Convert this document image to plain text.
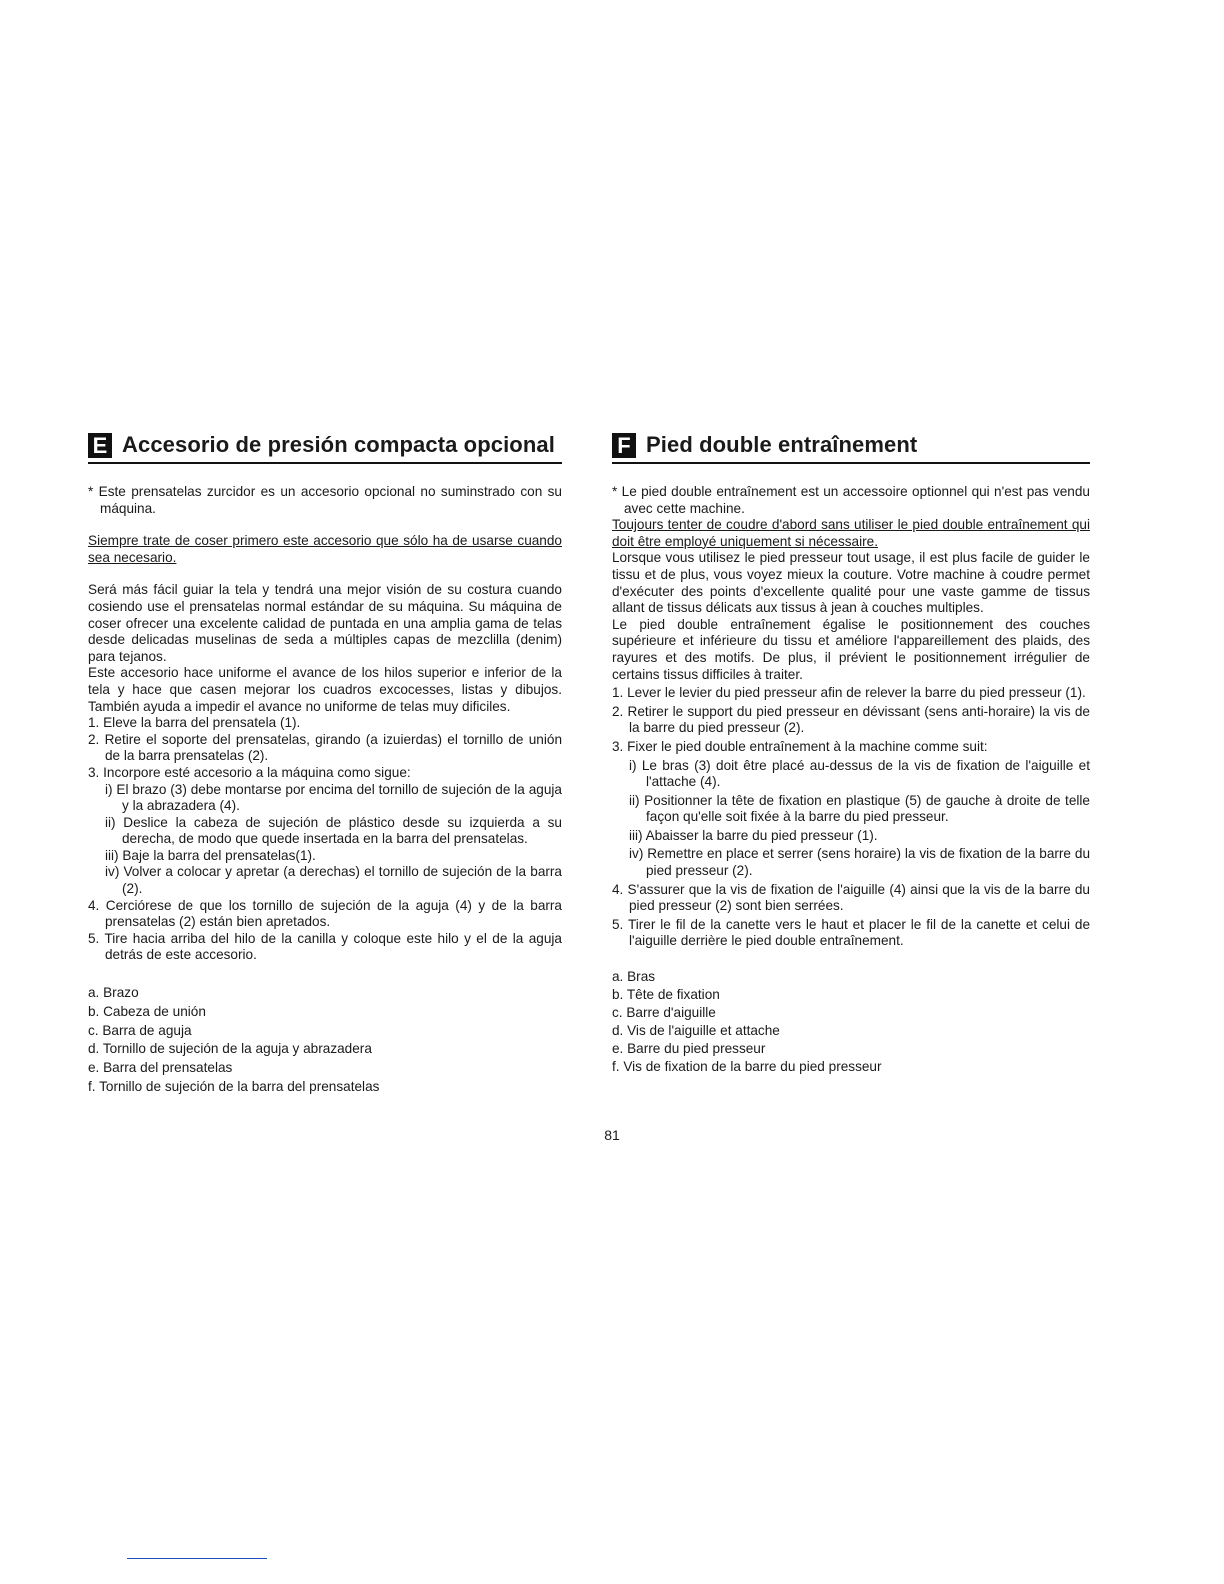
E Accesorio de presión compacta opcional

* Este prensatelas zurcidor es un accesorio opcional no suminstrado con su máquina.

Siempre trate de coser primero este accesorio que sólo ha de usarse cuando sea necesario.

Será más fácil guiar la tela y tendrá una mejor visión de su costura cuando cosiendo use el prensatelas normal estándar de su máquina. Su máquina de coser ofrecer una excelente calidad de puntada en una amplia gama de telas desde delicadas muselinas de seda a múltiples capas de mezclilla (denim) para tejanos.

Este accesorio hace uniforme el avance de los hilos superior e inferior de la tela y hace que casen mejorar los cuadros excocesses, listas y dibujos. También ayuda a impedir el avance no uniforme de telas muy dificiles.

1. Eleve la barra del prensatela (1).

2. Retire el soporte del prensatelas, girando (a izuierdas) el tornillo de unión de la barra prensatelas (2).

3. Incorpore esté accesorio a la máquina como sigue:

i) El brazo (3) debe montarse por encima del tornillo de sujeción de la aguja y la abrazadera (4).

ii) Deslice la cabeza de sujeción de plástico desde su izquierda a su derecha, de modo que quede insertada en la barra del prensatelas.

iii) Baje la barra del prensatelas(1).

iv) Volver a colocar y apretar (a derechas) el tornillo de sujeción de la barra (2).

4. Cerciórese de que los tornillo de sujeción de la aguja (4) y de la barra prensatelas (2) están bien apretados.

5. Tire hacia arriba del hilo de la canilla y coloque este hilo y el de la aguja detrás de este accesorio.

a. Brazo

b. Cabeza de unión

c. Barra de aguja

d. Tornillo de sujeción de la aguja y abrazadera

e. Barra del prensatelas

f. Tornillo de sujeción de la barra del prensatelas

F Pied double entraînement

* Le pied double entraînement est un accessoire optionnel qui n'est pas vendu avec cette machine.

Toujours tenter de coudre d'abord sans utiliser le pied double entraînement qui doit être employé uniquement si nécessaire.

Lorsque vous utilisez le pied presseur tout usage, il est plus facile de guider le tissu et de plus, vous voyez mieux la couture. Votre machine à coudre permet d'exécuter des points d'excellente qualité pour une vaste gamme de tissus allant de tissus délicats aux tissus à jean à couches multiples.

Le pied double entraînement égalise le positionnement des couches supérieure et inférieure du tissu et améliore l'appareillement des plaids, des rayures et des motifs. De plus, il prévient le positionnement irrégulier de certains tissus difficiles à traiter.

1. Lever le levier du pied presseur afin de relever la barre du pied presseur (1).

2. Retirer le support du pied presseur en dévissant (sens anti-horaire) la vis de la barre du pied presseur (2).

3. Fixer le pied double entraînement à la machine comme suit:

i) Le bras (3) doit être placé au-dessus de la vis de fixation de l'aiguille et l'attache (4).

ii) Positionner la tête de fixation en plastique (5) de gauche à droite de telle façon qu'elle soit fixée à la barre du pied presseur.

iii) Abaisser la barre du pied presseur (1).

iv) Remettre en place et serrer (sens horaire) la vis de fixation de la barre du pied presseur (2).

4. S'assurer que la vis de fixation de l'aiguille (4) ainsi que la vis de la barre du pied presseur (2) sont bien serrées.

5. Tirer le fil de la canette vers le haut et placer le fil de la canette et celui de l'aiguille derrière le pied double entraînement.

a. Bras

b. Tête de fixation

c. Barre d'aiguille

d. Vis de l'aiguille et attache

e. Barre du pied presseur

f. Vis de fixation de la barre du pied presseur

81
